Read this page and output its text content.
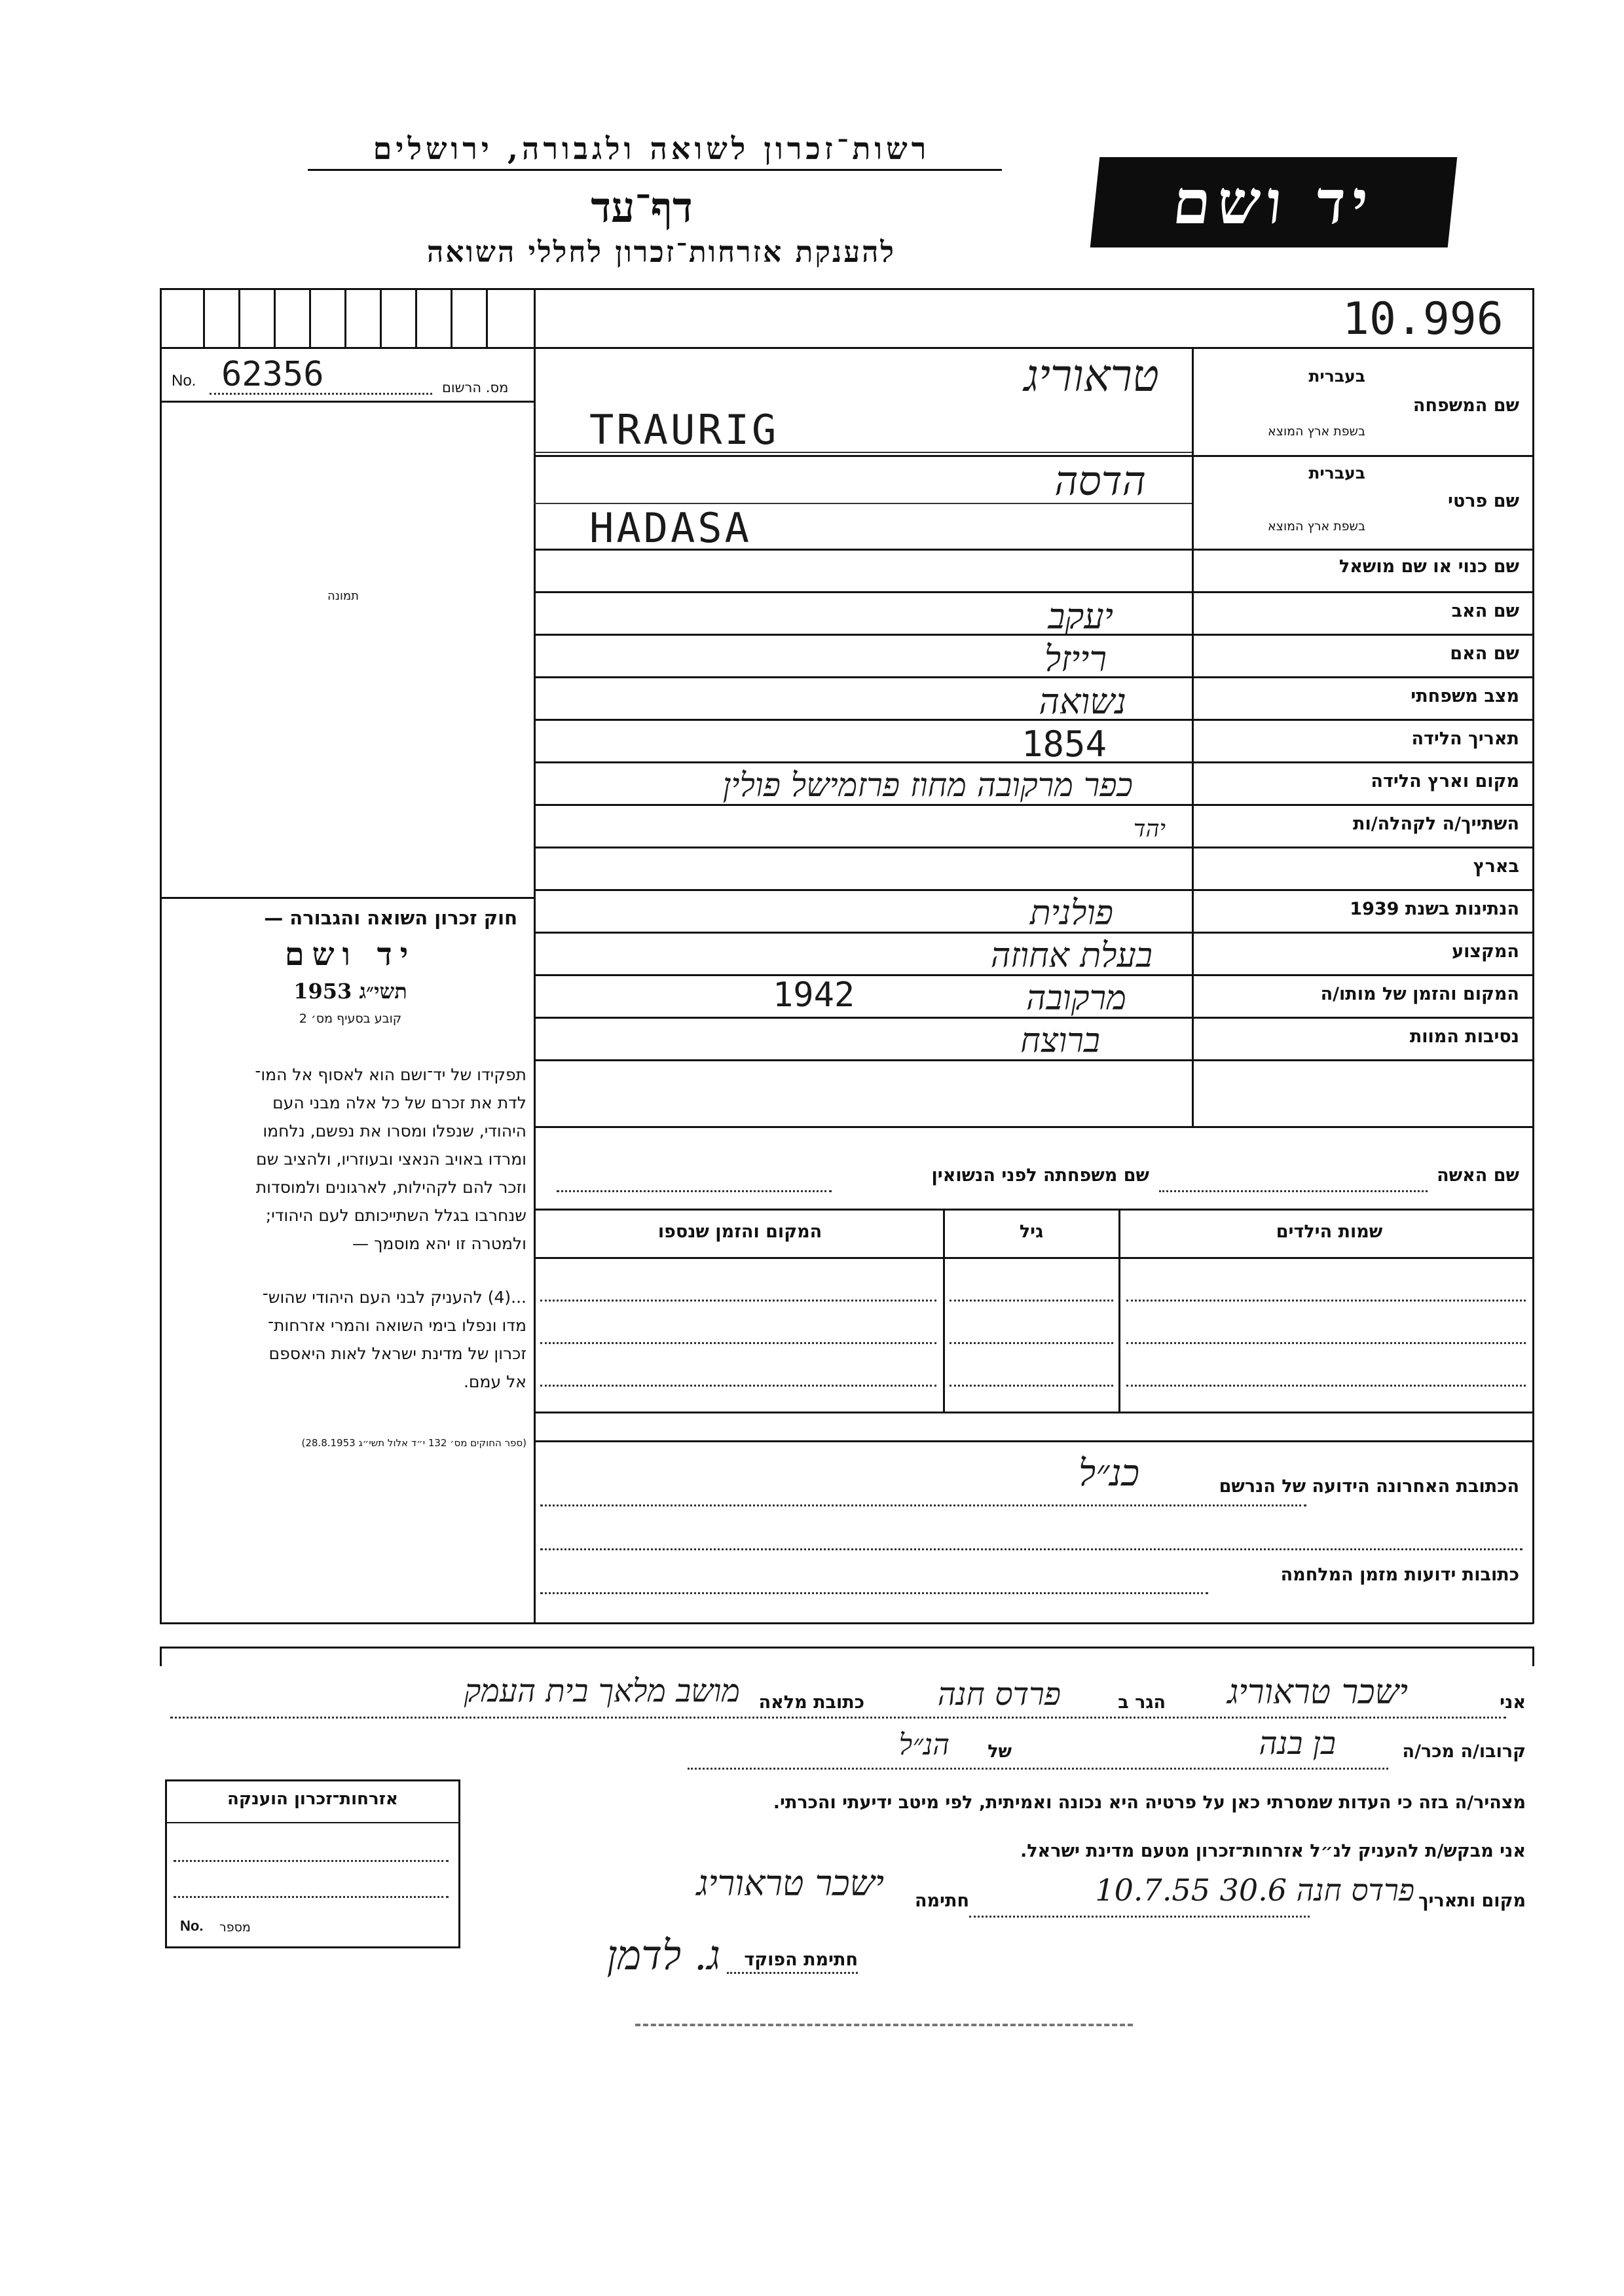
רשות־זכרון לשואה ולגבורה, ירושלים
דף־עד
להענקת אזרחות־זכרון לחללי השואה
יד ושם
10.996
No. 62356	מס. הרשום
תמונה
שם המשפחה
בעברית
בשפת ארץ המוצא
טראוריג
TRAURIG
שם פרטי
בעברית
בשפת ארץ המוצא
הדסה
HADASA
שם כנוי או שם מושאל
שם האב
יעקב
שם האם
רייזל
מצב משפחתי
נשואה
תאריך הלידה
1854
מקום וארץ הלידה
כפר מרקובה מחוז פרזמישל פולין
השתייך/ה לקהלה/ות
יהד
בארץ
הנתינות בשנת 1939
פולנית
המקצוע
בעלת אחוזה
המקום והזמן של מותו/ה
מרקובה
1942
נסיבות המוות
ברוצח
חוק זכרון השואה והגבורה —
יד ושם
תשי״ג 1953
קובע בסעיף מס׳ 2
תפקידו של יד־ושם הוא לאסוף אל המו־
לדת את זכרם של כל אלה מבני העם
היהודי, שנפלו ומסרו את נפשם, נלחמו
ומרדו באויב הנאצי ובעוזריו, ולהציב שם
וזכר להם לקהילות, לארגונים ולמוסדות
שנחרבו בגלל השתייכותם לעם היהודי;
ולמטרה זו יהא מוסמך —
...(4) להעניק לבני העם היהודי שהוש־
מדו ונפלו בימי השואה והמרי אזרחות־
זכרון של מדינת ישראל לאות היאספם
אל עמם.
(ספר החוקים מס׳ 132 י״ד אלול תשי״ג 28.8.1953)
שם האשה
שם משפחתה לפני הנשואין
שמות הילדים
גיל
המקום והזמן שנספו
הכתובת האחרונה הידועה של הנרשם
כנ״ל
כתובות ידועות מזמן המלחמה
אני
ישכר טראוריג
הגר ב
פרדס חנה
כתובת מלאה
מושב מלאך בית העמק
קרובו/ה מכר/ה
בן בנה
של
הנ״ל
מצהיר/ה בזה כי העדות שמסרתי כאן על פרטיה היא נכונה ואמיתית, לפי מיטב ידיעתי והכרתי.
אני מבקש/ת להעניק לנ״ל אזרחות־זכרון מטעם מדינת ישראל.
מקום ותאריך
פרדס חנה 30.6 10.7.55
חתימה
ישכר טראוריג
חתימת הפוקד
ג. לדמן
אזרחות־זכרון הוענקה
No. מספר
